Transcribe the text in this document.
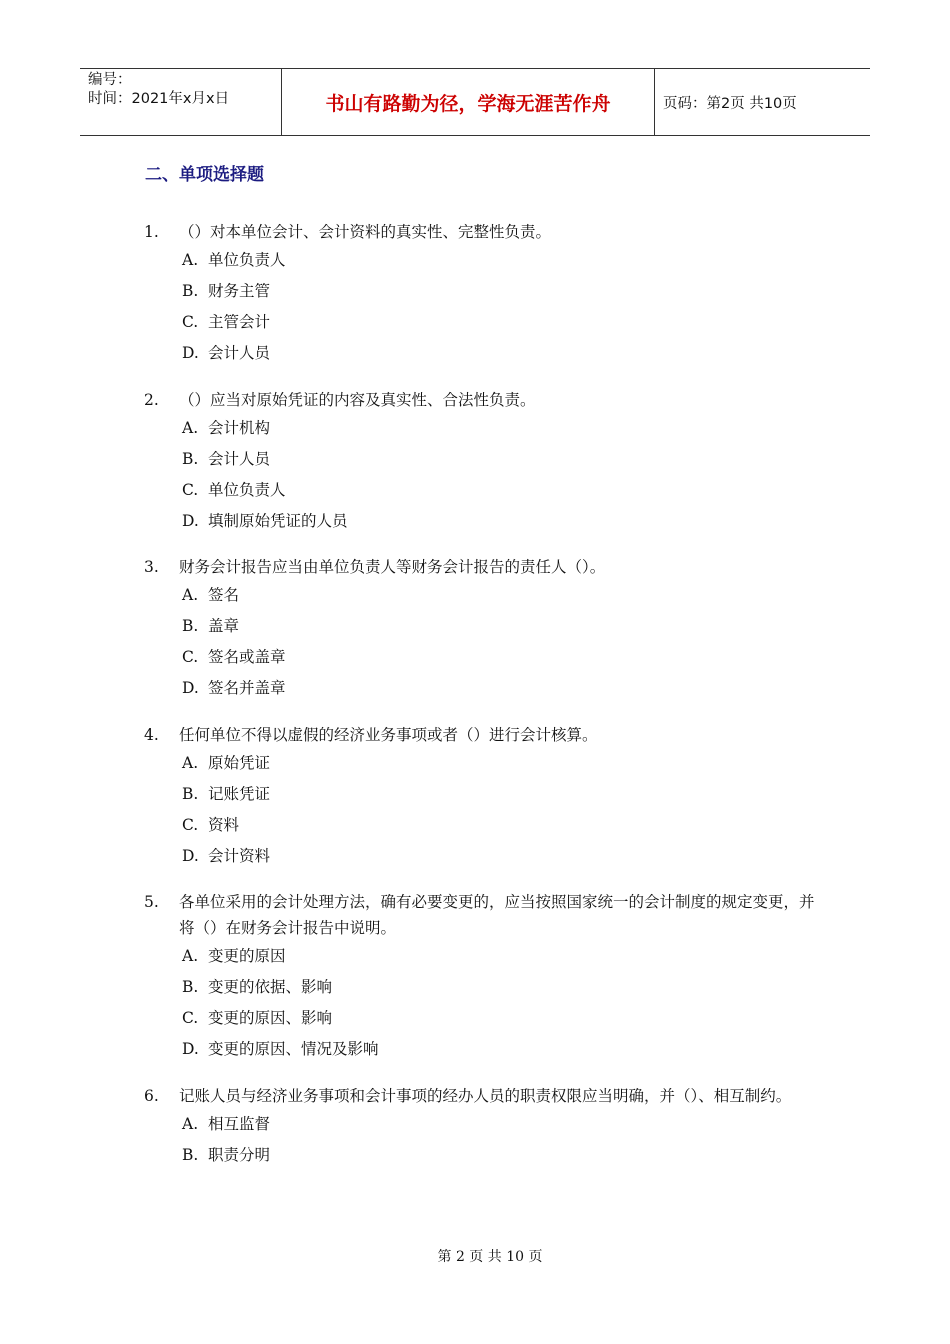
编号：
时间：2021年x月x日	书山有路勤为径，学海无涯苦作舟	页码：第2页 共10页
二、单项选择题
1. （）对本单位会计、会计资料的真实性、完整性负责。
A. 单位负责人
B. 财务主管
C. 主管会计
D. 会计人员
2. （）应当对原始凭证的内容及真实性、合法性负责。
A. 会计机构
B. 会计人员
C. 单位负责人
D. 填制原始凭证的人员
3. 财务会计报告应当由单位负责人等财务会计报告的责任人（）。
A. 签名
B. 盖章
C. 签名或盖章
D. 签名并盖章
4. 任何单位不得以虚假的经济业务事项或者（）进行会计核算。
A. 原始凭证
B. 记账凭证
C. 资料
D. 会计资料
5. 各单位采用的会计处理方法，确有必要变更的，应当按照国家统一的会计制度的规定变更，并将（）在财务会计报告中说明。
A. 变更的原因
B. 变更的依据、影响
C. 变更的原因、影响
D. 变更的原因、情况及影响
6. 记账人员与经济业务事项和会计事项的经办人员的职责权限应当明确，并（）、相互制约。
A. 相互监督
B. 职责分明
第 2 页 共 10 页
